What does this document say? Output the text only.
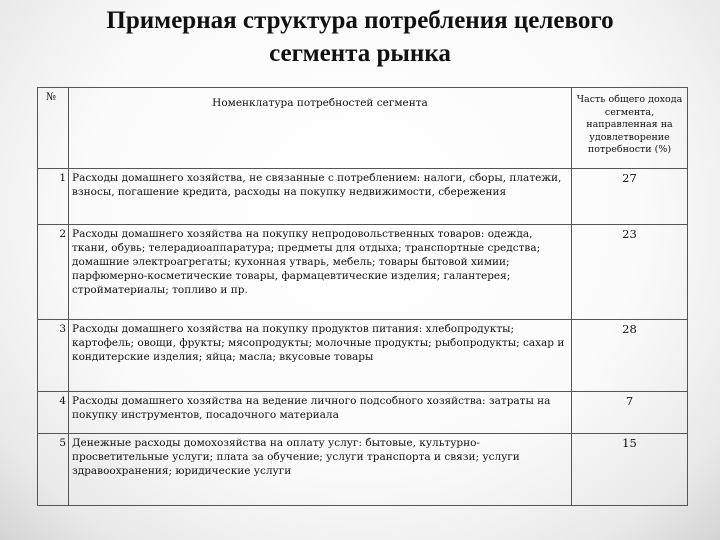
Примерная структура потребления целевого
сегмента рынка
№	Номенклатура потребностей сегмента	Часть общего дохода сегмента, направленная на удовлетворение потребности (%)
1	Расходы домашнего хозяйства, не связанные с потреблением: налоги, сборы, платежи, взносы, погашение кредита, расходы на покупку недвижимости, сбережения	27
2	Расходы домашнего хозяйства на покупку непродовольственных товаров: одежда, ткани, обувь; телерадиоаппаратура; предметы для отдыха; транспортные средства; домашние электроагрегаты; кухонная утварь, мебель; товары бытовой химии; парфюмерно-косметические товары, фармацевтические изделия; галантерея; стройматериалы; топливо и пр.	23
3	Расходы домашнего хозяйства на покупку продуктов питания: хлебопродукты; картофель; овощи, фрукты; мясопродукты; молочные продукты; рыбопродукты; сахар и кондитерские изделия; яйца; масла; вкусовые товары	28
4	Расходы домашнего хозяйства на ведение личного подсобного хозяйства: затраты на покупку инструментов, посадочного материала	7
5	Денежные расходы домохозяйства на оплату услуг: бытовые, культурно-просветительные услуги; плата за обучение; услуги транспорта и связи; услуги здравоохранения; юридические услуги	15
